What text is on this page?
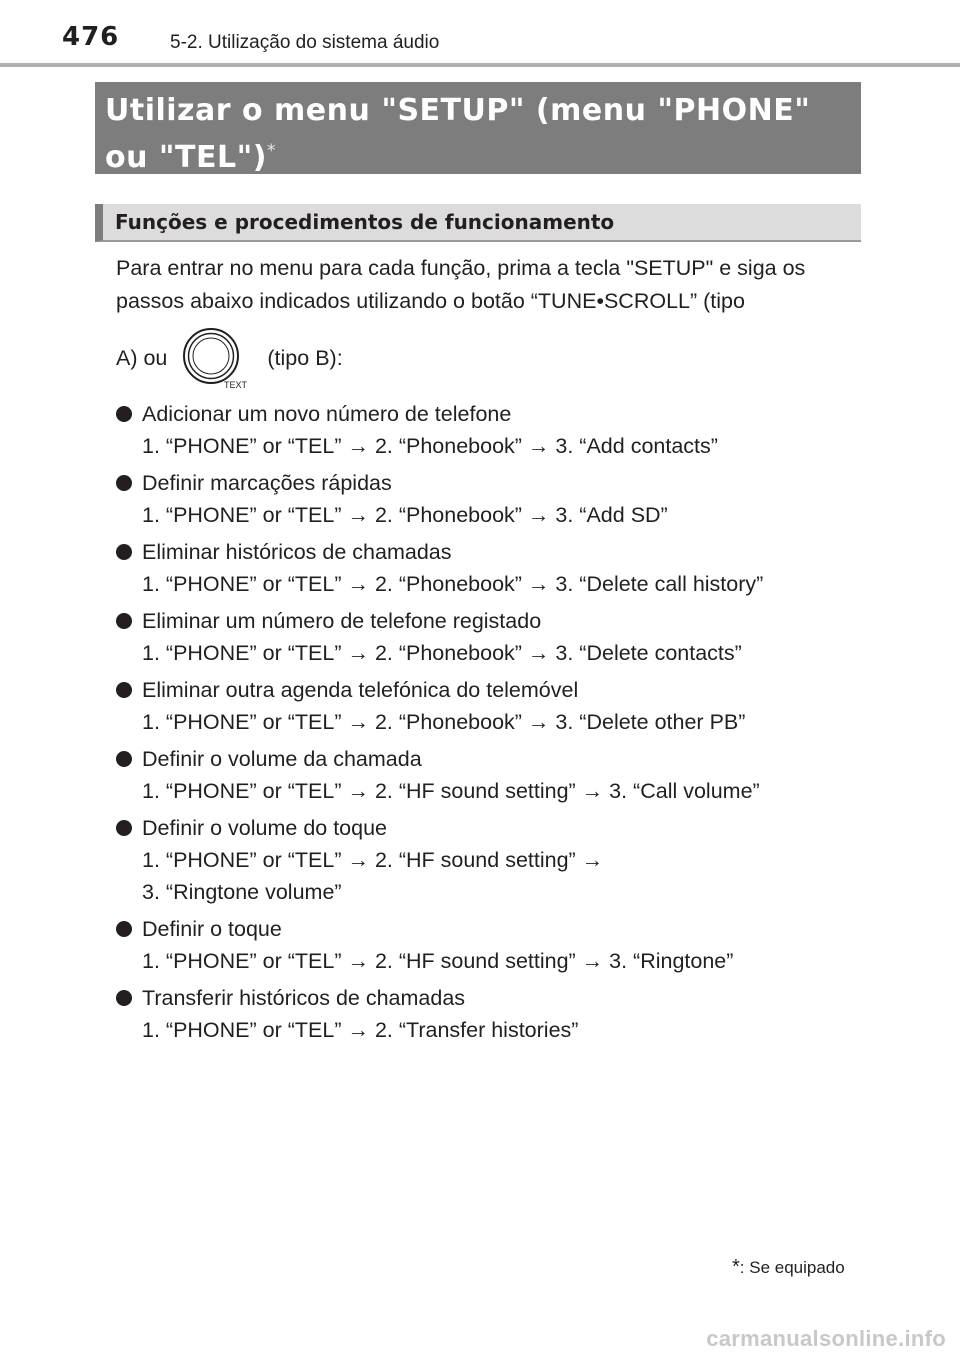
476	5-2. Utilização do sistema áudio
Utilizar o menu "SETUP" (menu "PHONE"
ou "TEL")*
Funções e procedimentos de funcionamento
Para entrar no menu para cada função, prima a tecla "SETUP" e siga os passos abaixo indicados utilizando o botão “TUNE•SCROLL” (tipo
A) ou
TEXT
(tipo B):
Adicionar um novo número de telefone
1. “PHONE” or “TEL” → 2. “Phonebook” → 3. “Add contacts”
Definir marcações rápidas
1. “PHONE” or “TEL” → 2. “Phonebook” → 3. “Add SD”
Eliminar históricos de chamadas
1. “PHONE” or “TEL” → 2. “Phonebook” → 3. “Delete call history”
Eliminar um número de telefone registado
1. “PHONE” or “TEL” → 2. “Phonebook” → 3. “Delete contacts”
Eliminar outra agenda telefónica do telemóvel
1. “PHONE” or “TEL” → 2. “Phonebook” → 3. “Delete other PB”
Definir o volume da chamada
1. “PHONE” or “TEL” → 2. “HF sound setting” → 3. “Call volume”
Definir o volume do toque
1. “PHONE” or “TEL” → 2. “HF sound setting” →
3. “Ringtone volume”
Definir o toque
1. “PHONE” or “TEL” → 2. “HF sound setting” → 3. “Ringtone”
Transferir históricos de chamadas
1. “PHONE” or “TEL” → 2. “Transfer histories”
*: Se equipado
carmanualsonline.info
